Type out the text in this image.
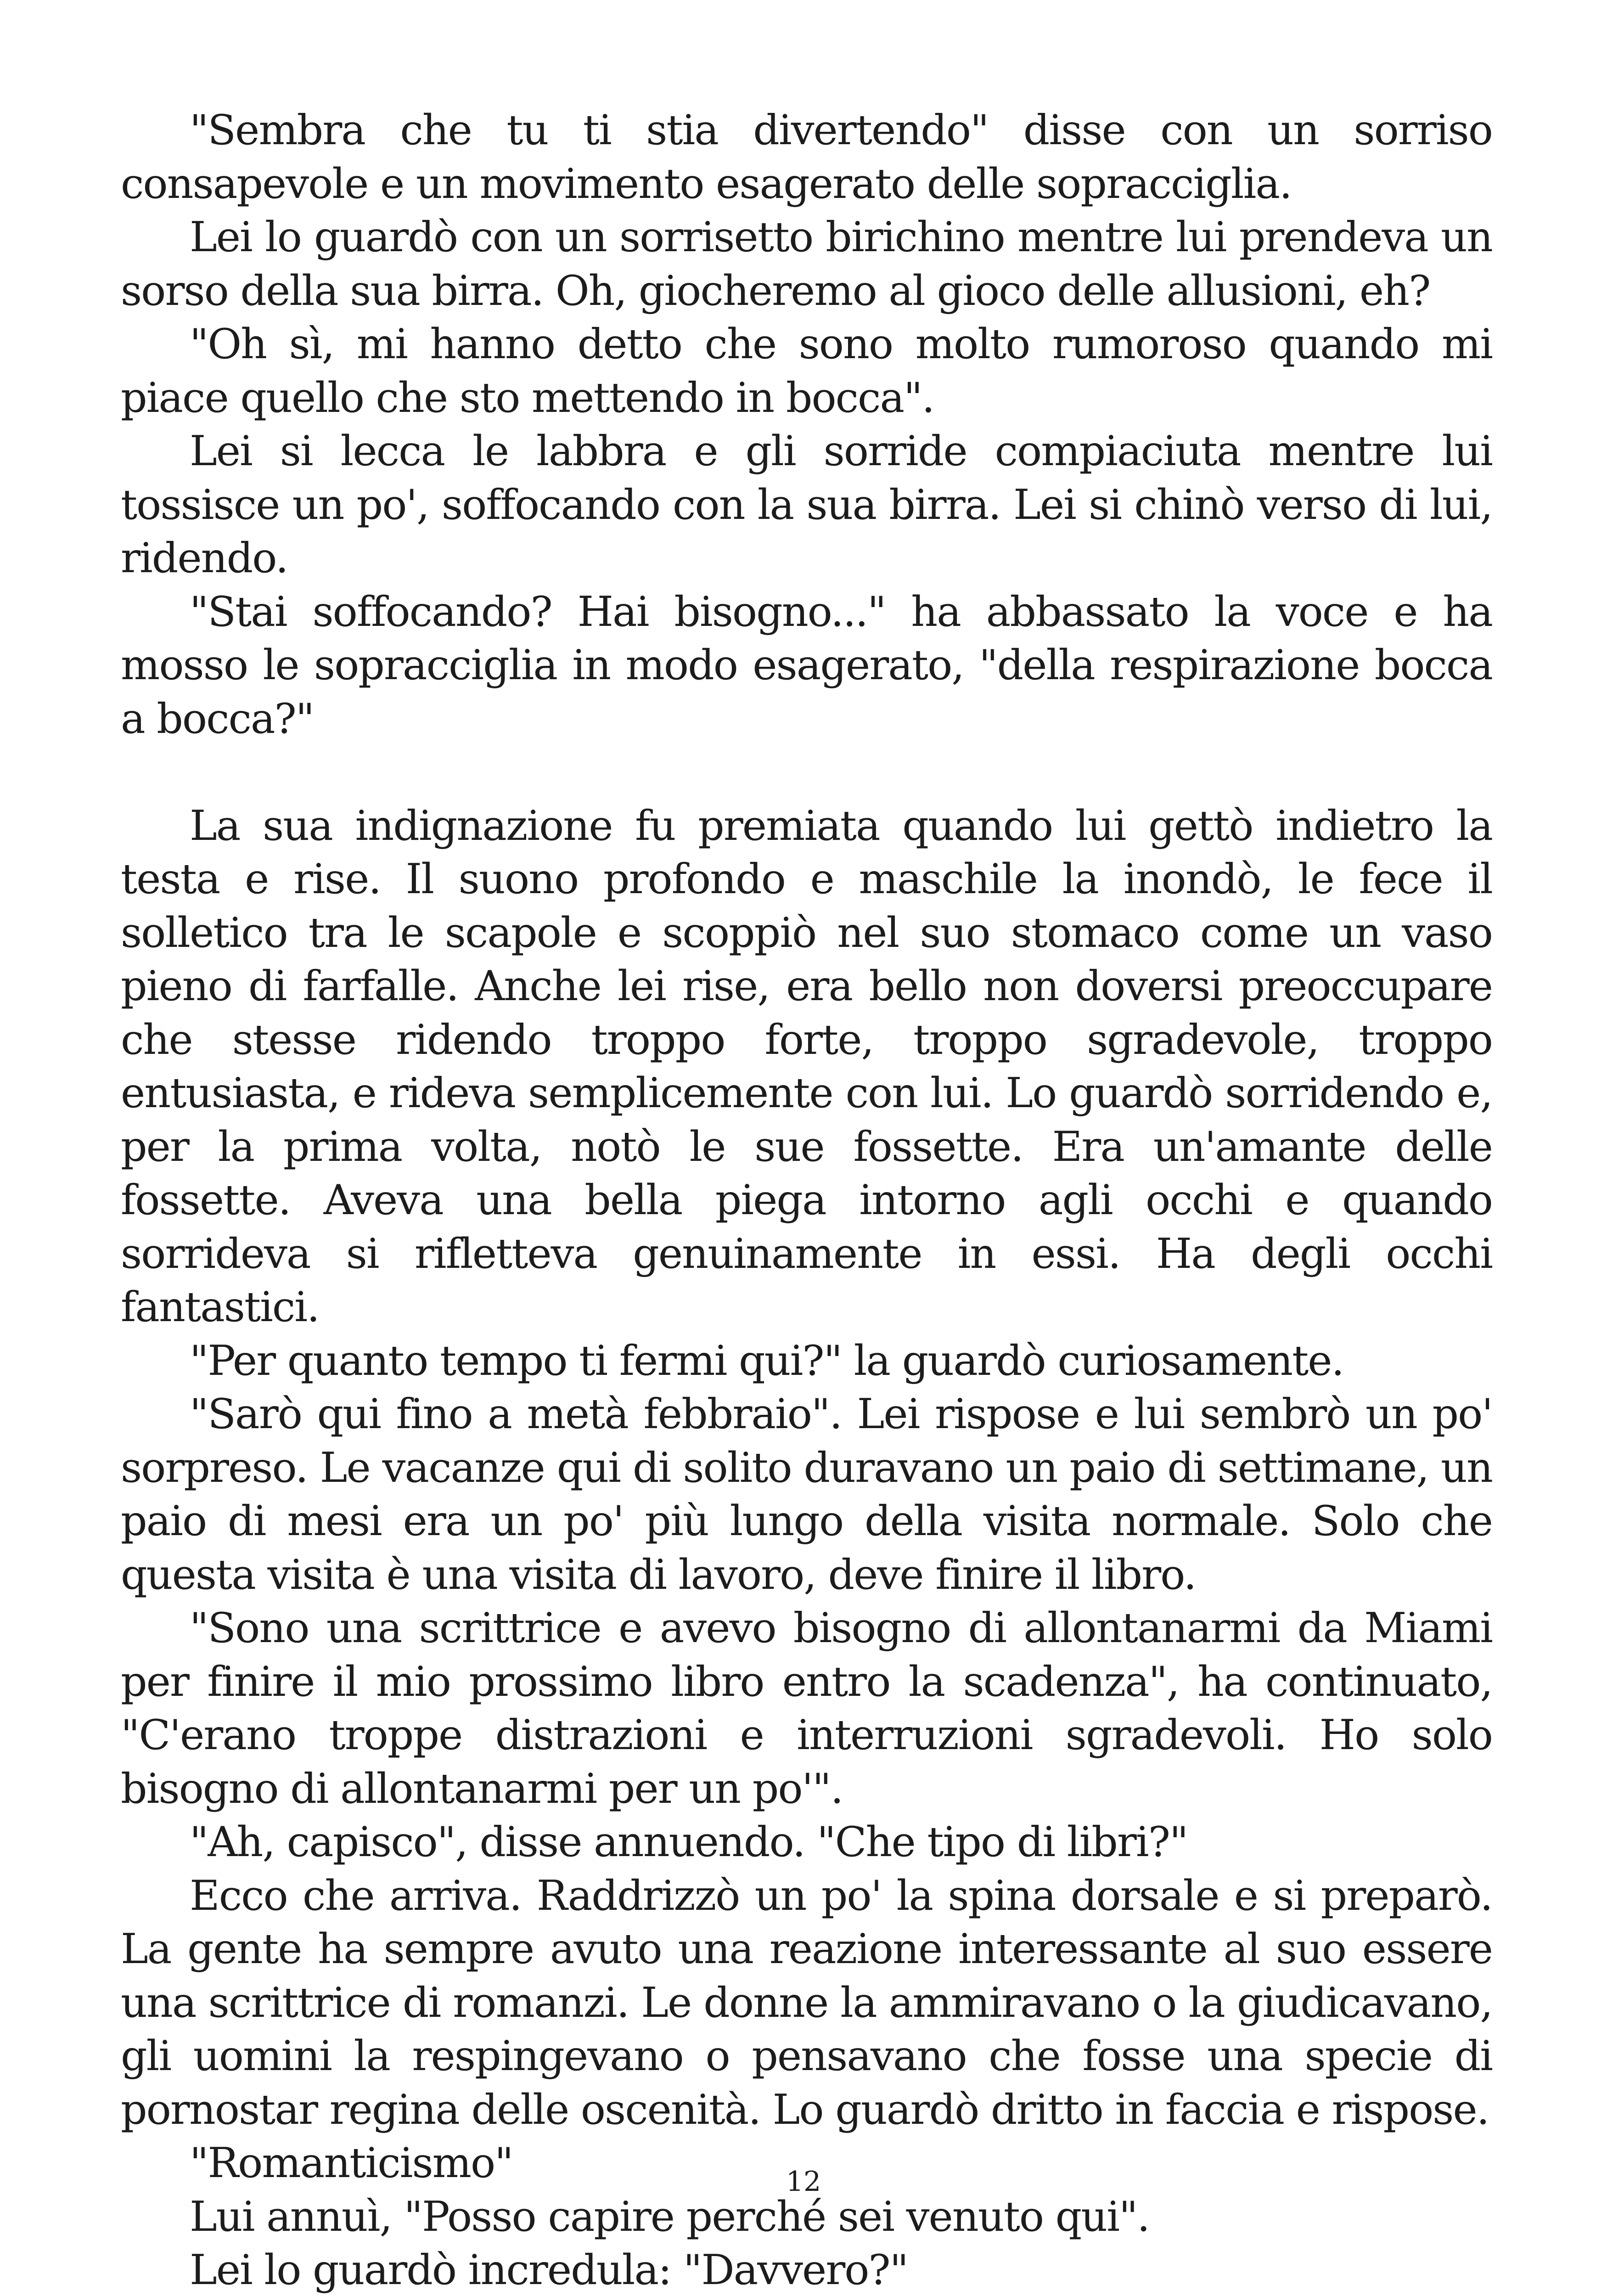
"Sembra che tu ti stia divertendo" disse con un sorriso consapevole e un movimento esagerato delle sopracciglia.

Lei lo guardò con un sorrisetto birichino mentre lui prendeva un sorso della sua birra. Oh, giocheremo al gioco delle allusioni, eh?

"Oh sì, mi hanno detto che sono molto rumoroso quando mi piace quello che sto mettendo in bocca".

Lei si lecca le labbra e gli sorride compiaciuta mentre lui tossisce un po', soffocando con la sua birra. Lei si chinò verso di lui, ridendo.

"Stai soffocando? Hai bisogno..." ha abbassato la voce e ha mosso le sopracciglia in modo esagerato, "della respirazione bocca a bocca?"

La sua indignazione fu premiata quando lui gettò indietro la testa e rise. Il suono profondo e maschile la inondò, le fece il solletico tra le scapole e scoppiò nel suo stomaco come un vaso pieno di farfalle. Anche lei rise, era bello non doversi preoccupare che stesse ridendo troppo forte, troppo sgradevole, troppo entusiasta, e rideva semplicemente con lui. Lo guardò sorridendo e, per la prima volta, notò le sue fossette. Era un'amante delle fossette. Aveva una bella piega intorno agli occhi e quando sorrideva si rifletteva genuinamente in essi. Ha degli occhi fantastici.

"Per quanto tempo ti fermi qui?" la guardò curiosamente.

"Sarò qui fino a metà febbraio". Lei rispose e lui sembrò un po' sorpreso. Le vacanze qui di solito duravano un paio di settimane, un paio di mesi era un po' più lungo della visita normale. Solo che questa visita è una visita di lavoro, deve finire il libro.

"Sono una scrittrice e avevo bisogno di allontanarmi da Miami per finire il mio prossimo libro entro la scadenza", ha continuato, "C'erano troppe distrazioni e interruzioni sgradevoli. Ho solo bisogno di allontanarmi per un po'".

"Ah, capisco", disse annuendo. "Che tipo di libri?"

Ecco che arriva. Raddrizzò un po' la spina dorsale e si preparò. La gente ha sempre avuto una reazione interessante al suo essere una scrittrice di romanzi. Le donne la ammiravano o la giudicavano, gli uomini la respingevano o pensavano che fosse una specie di pornostar regina delle oscenità. Lo guardò dritto in faccia e rispose.

"Romanticismo"

Lui annuì, "Posso capire perché sei venuto qui".

Lei lo guardò incredula: "Davvero?"

12
